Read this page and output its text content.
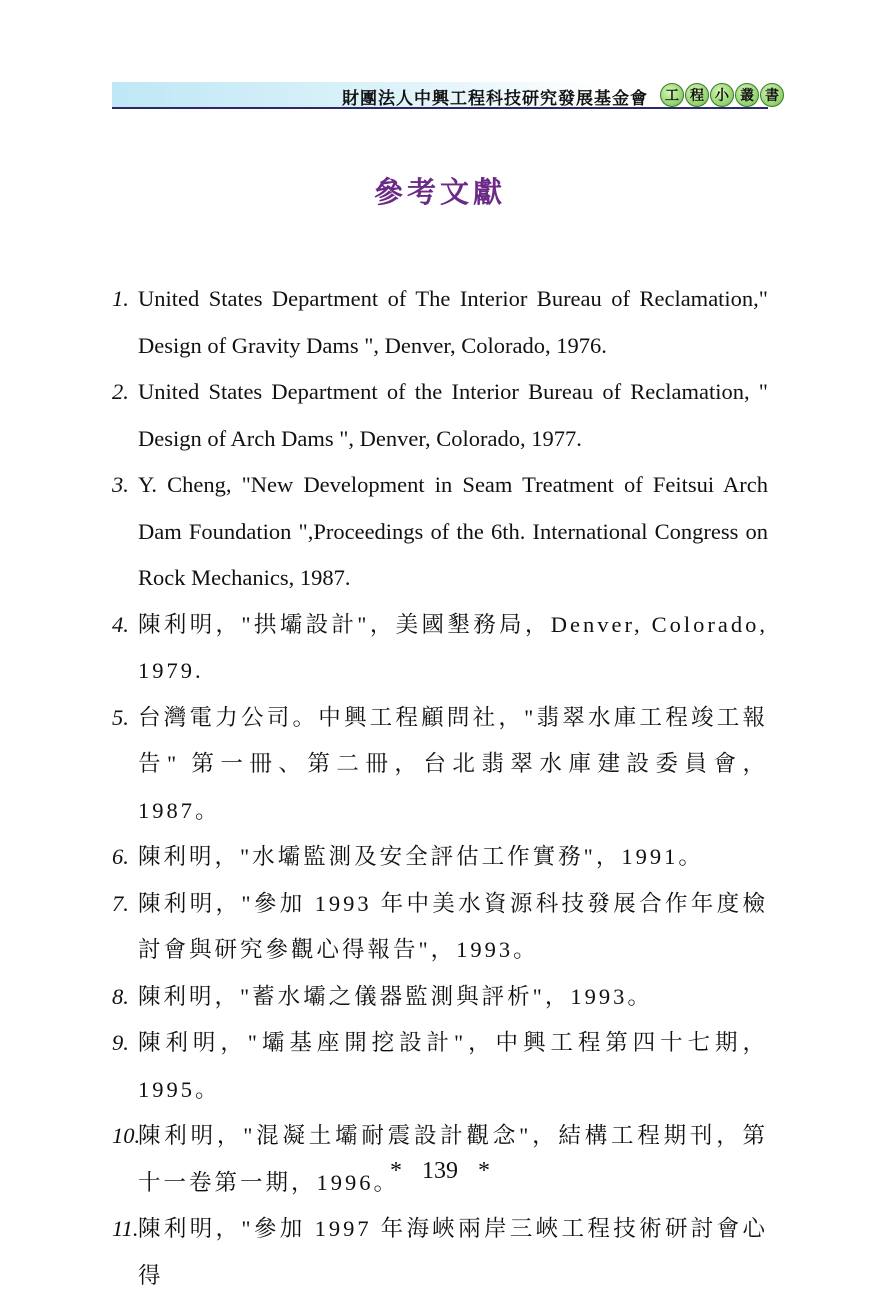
財團法人中興工程科技研究發展基金會	工 程 小 叢 書
參考文獻
1. United States Department of The Interior Bureau of Reclamation," Design of Gravity Dams ", Denver, Colorado, 1976.
2. United States Department of the Interior Bureau of Reclamation, " Design of Arch Dams ", Denver, Colorado, 1977.
3. Y. Cheng, "New Development in Seam Treatment of Feitsui Arch Dam Foundation ",Proceedings of the 6th. International Congress on Rock Mechanics, 1987.
4. 陳利明，"拱壩設計"，美國墾務局，Denver, Colorado, 1979.
5. 台灣電力公司。中興工程顧問社，"翡翠水庫工程竣工報告" 第一冊、第二冊，台北翡翠水庫建設委員會，1987。
6. 陳利明，"水壩監測及安全評估工作實務"，1991。
7. 陳利明，"參加 1993 年中美水資源科技發展合作年度檢討會與研究參觀心得報告"，1993。
8. 陳利明，"蓄水壩之儀器監測與評析"，1993。
9. 陳利明，"壩基座開挖設計"，中興工程第四十七期，1995。
10.
陳利明，"混凝土壩耐震設計觀念"，結構工程期刊，第十一卷第一期，1996。
11. 陳利明，"參加 1997 年海峽兩岸三峽工程技術研討會心得
* 139 *
